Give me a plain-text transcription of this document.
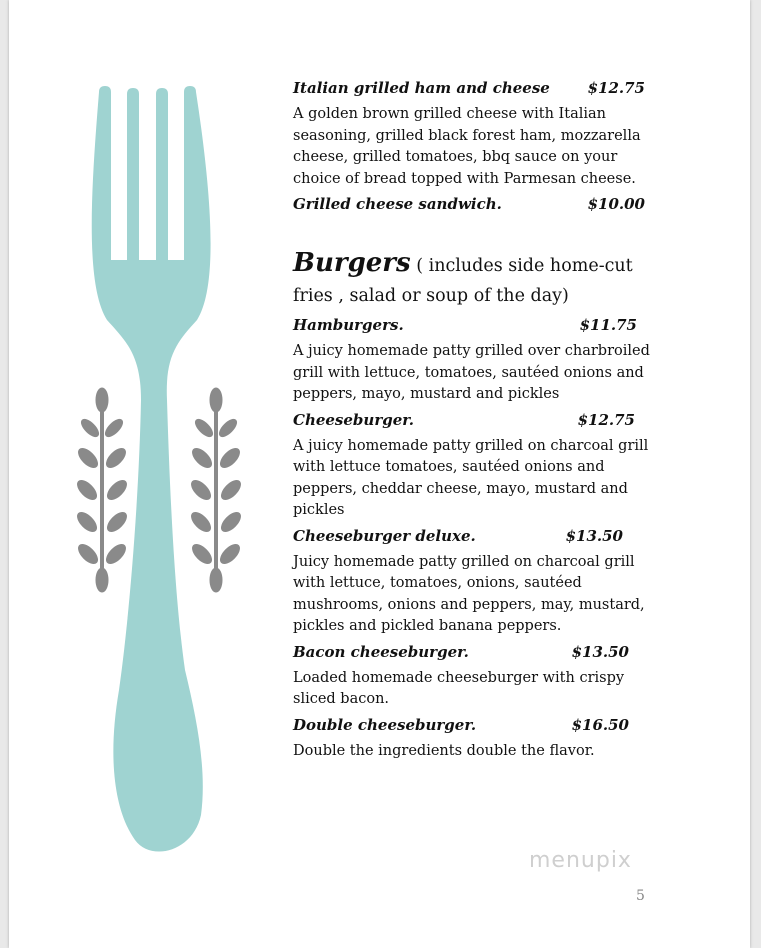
Italian grilled ham and cheese	$12.75
A golden brown grilled cheese with Italian seasoning, grilled black forest ham, mozzarella cheese, grilled tomatoes, bbq sauce on your choice of bread topped with Parmesan cheese.
Grilled cheese sandwich.	$10.00
Burgers ( includes side home-cut fries , salad or soup of the day)
Hamburgers.	$11.75
A juicy homemade patty grilled over charbroiled grill with lettuce, tomatoes, sautéed onions and peppers, mayo, mustard and pickles
Cheeseburger.	$12.75
A juicy homemade patty grilled on charcoal grill with lettuce tomatoes, sautéed onions and peppers, cheddar cheese, mayo, mustard and pickles
Cheeseburger deluxe.	$13.50
Juicy homemade patty grilled on charcoal grill with lettuce, tomatoes, onions, sautéed mushrooms, onions and peppers, may, mustard, pickles and pickled banana peppers.
Bacon cheeseburger.	$13.50
Loaded homemade cheeseburger with crispy sliced bacon.
Double cheeseburger.	$16.50
Double the ingredients double the flavor.
menupix
5
